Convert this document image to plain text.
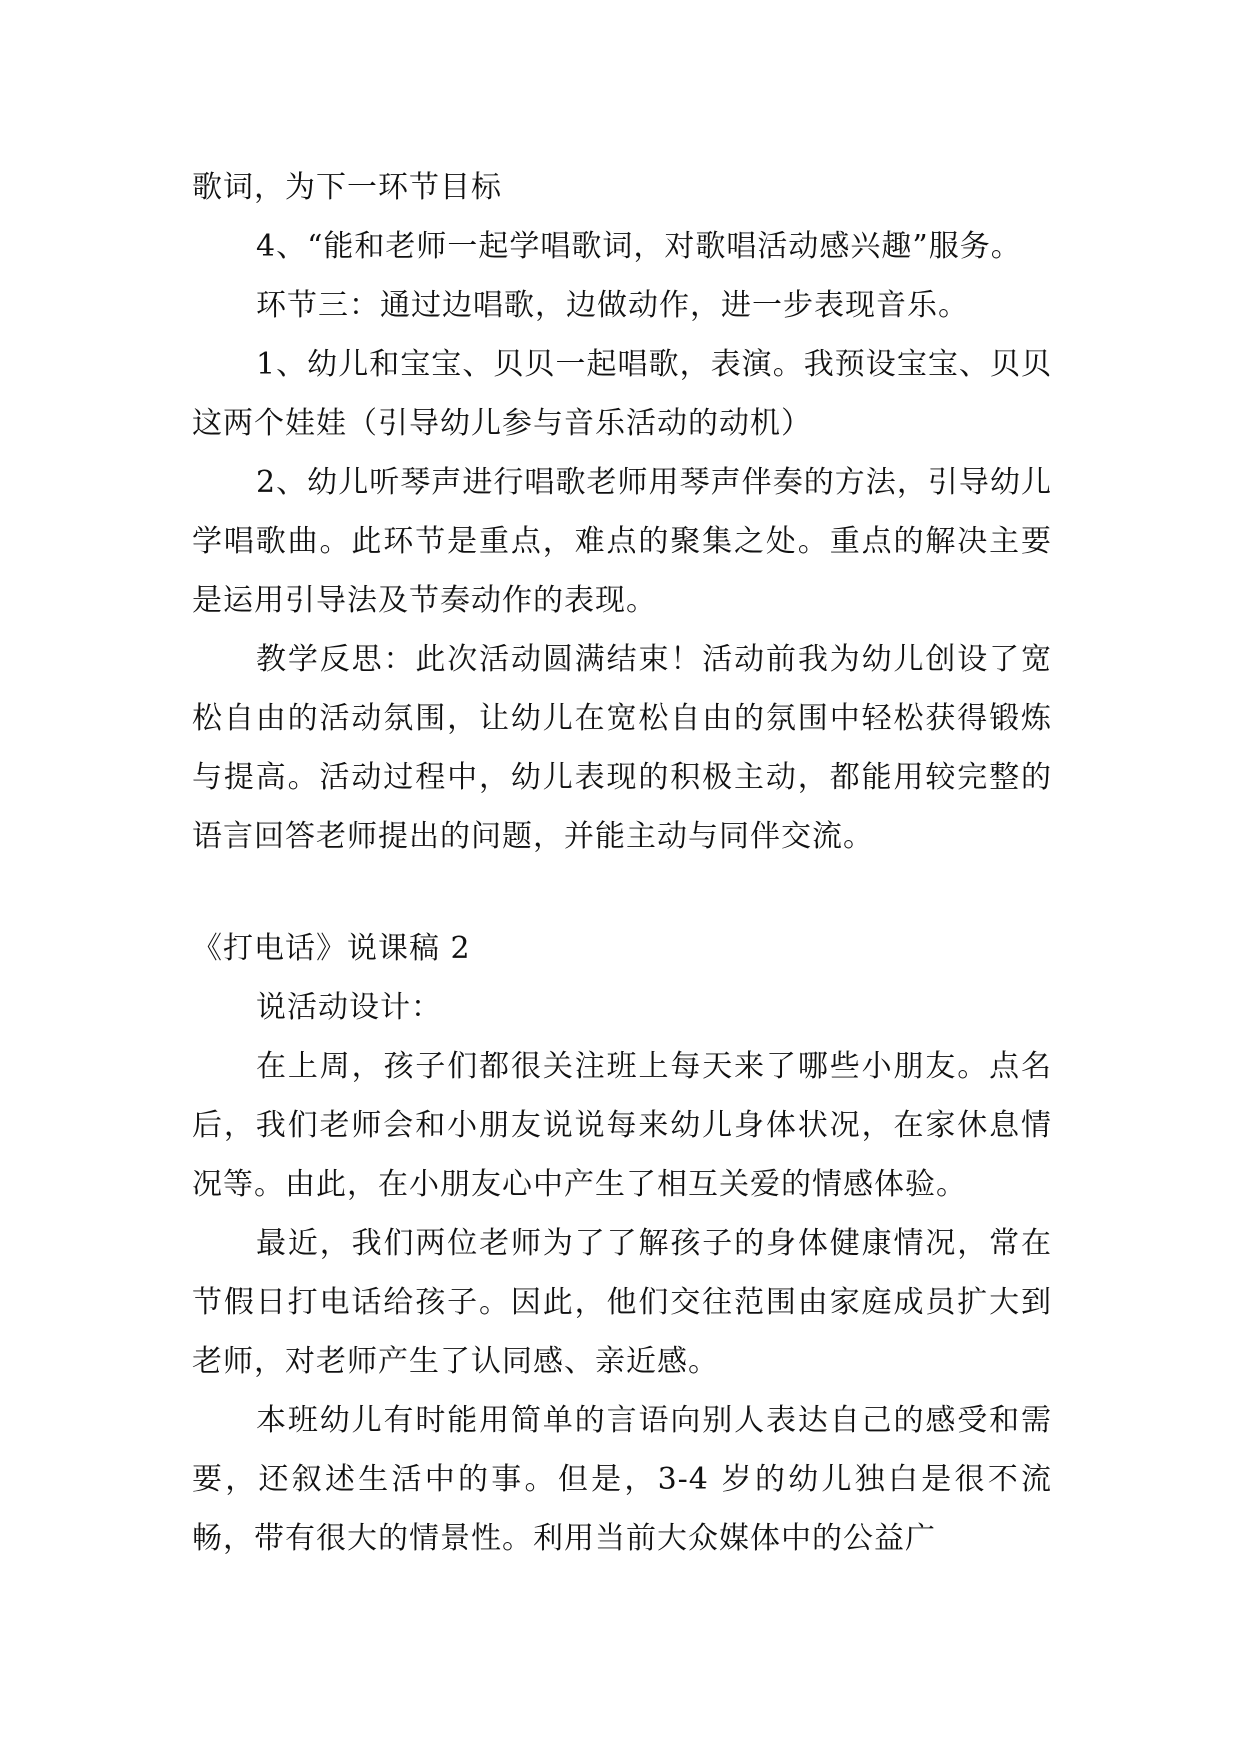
歌词，为下一环节目标

4、“能和老师一起学唱歌词，对歌唱活动感兴趣”服务。

环节三：通过边唱歌，边做动作，进一步表现音乐。

1、幼儿和宝宝、贝贝一起唱歌，表演。我预设宝宝、贝贝这两个娃娃（引导幼儿参与音乐活动的动机）

2、幼儿听琴声进行唱歌老师用琴声伴奏的方法，引导幼儿学唱歌曲。此环节是重点，难点的聚集之处。重点的解决主要是运用引导法及节奏动作的表现。

教学反思：此次活动圆满结束！活动前我为幼儿创设了宽松自由的活动氛围，让幼儿在宽松自由的氛围中轻松获得锻炼与提高。活动过程中，幼儿表现的积极主动，都能用较完整的语言回答老师提出的问题，并能主动与同伴交流。

《打电话》说课稿 2

说活动设计：

在上周，孩子们都很关注班上每天来了哪些小朋友。点名后，我们老师会和小朋友说说每来幼儿身体状况，在家休息情况等。由此，在小朋友心中产生了相互关爱的情感体验。

最近，我们两位老师为了了解孩子的身体健康情况，常在节假日打电话给孩子。因此，他们交往范围由家庭成员扩大到老师，对老师产生了认同感、亲近感。

本班幼儿有时能用简单的言语向别人表达自己的感受和需要，还叙述生活中的事。但是，3-4 岁的幼儿独白是很不流畅，带有很大的情景性。利用当前大众媒体中的公益广
